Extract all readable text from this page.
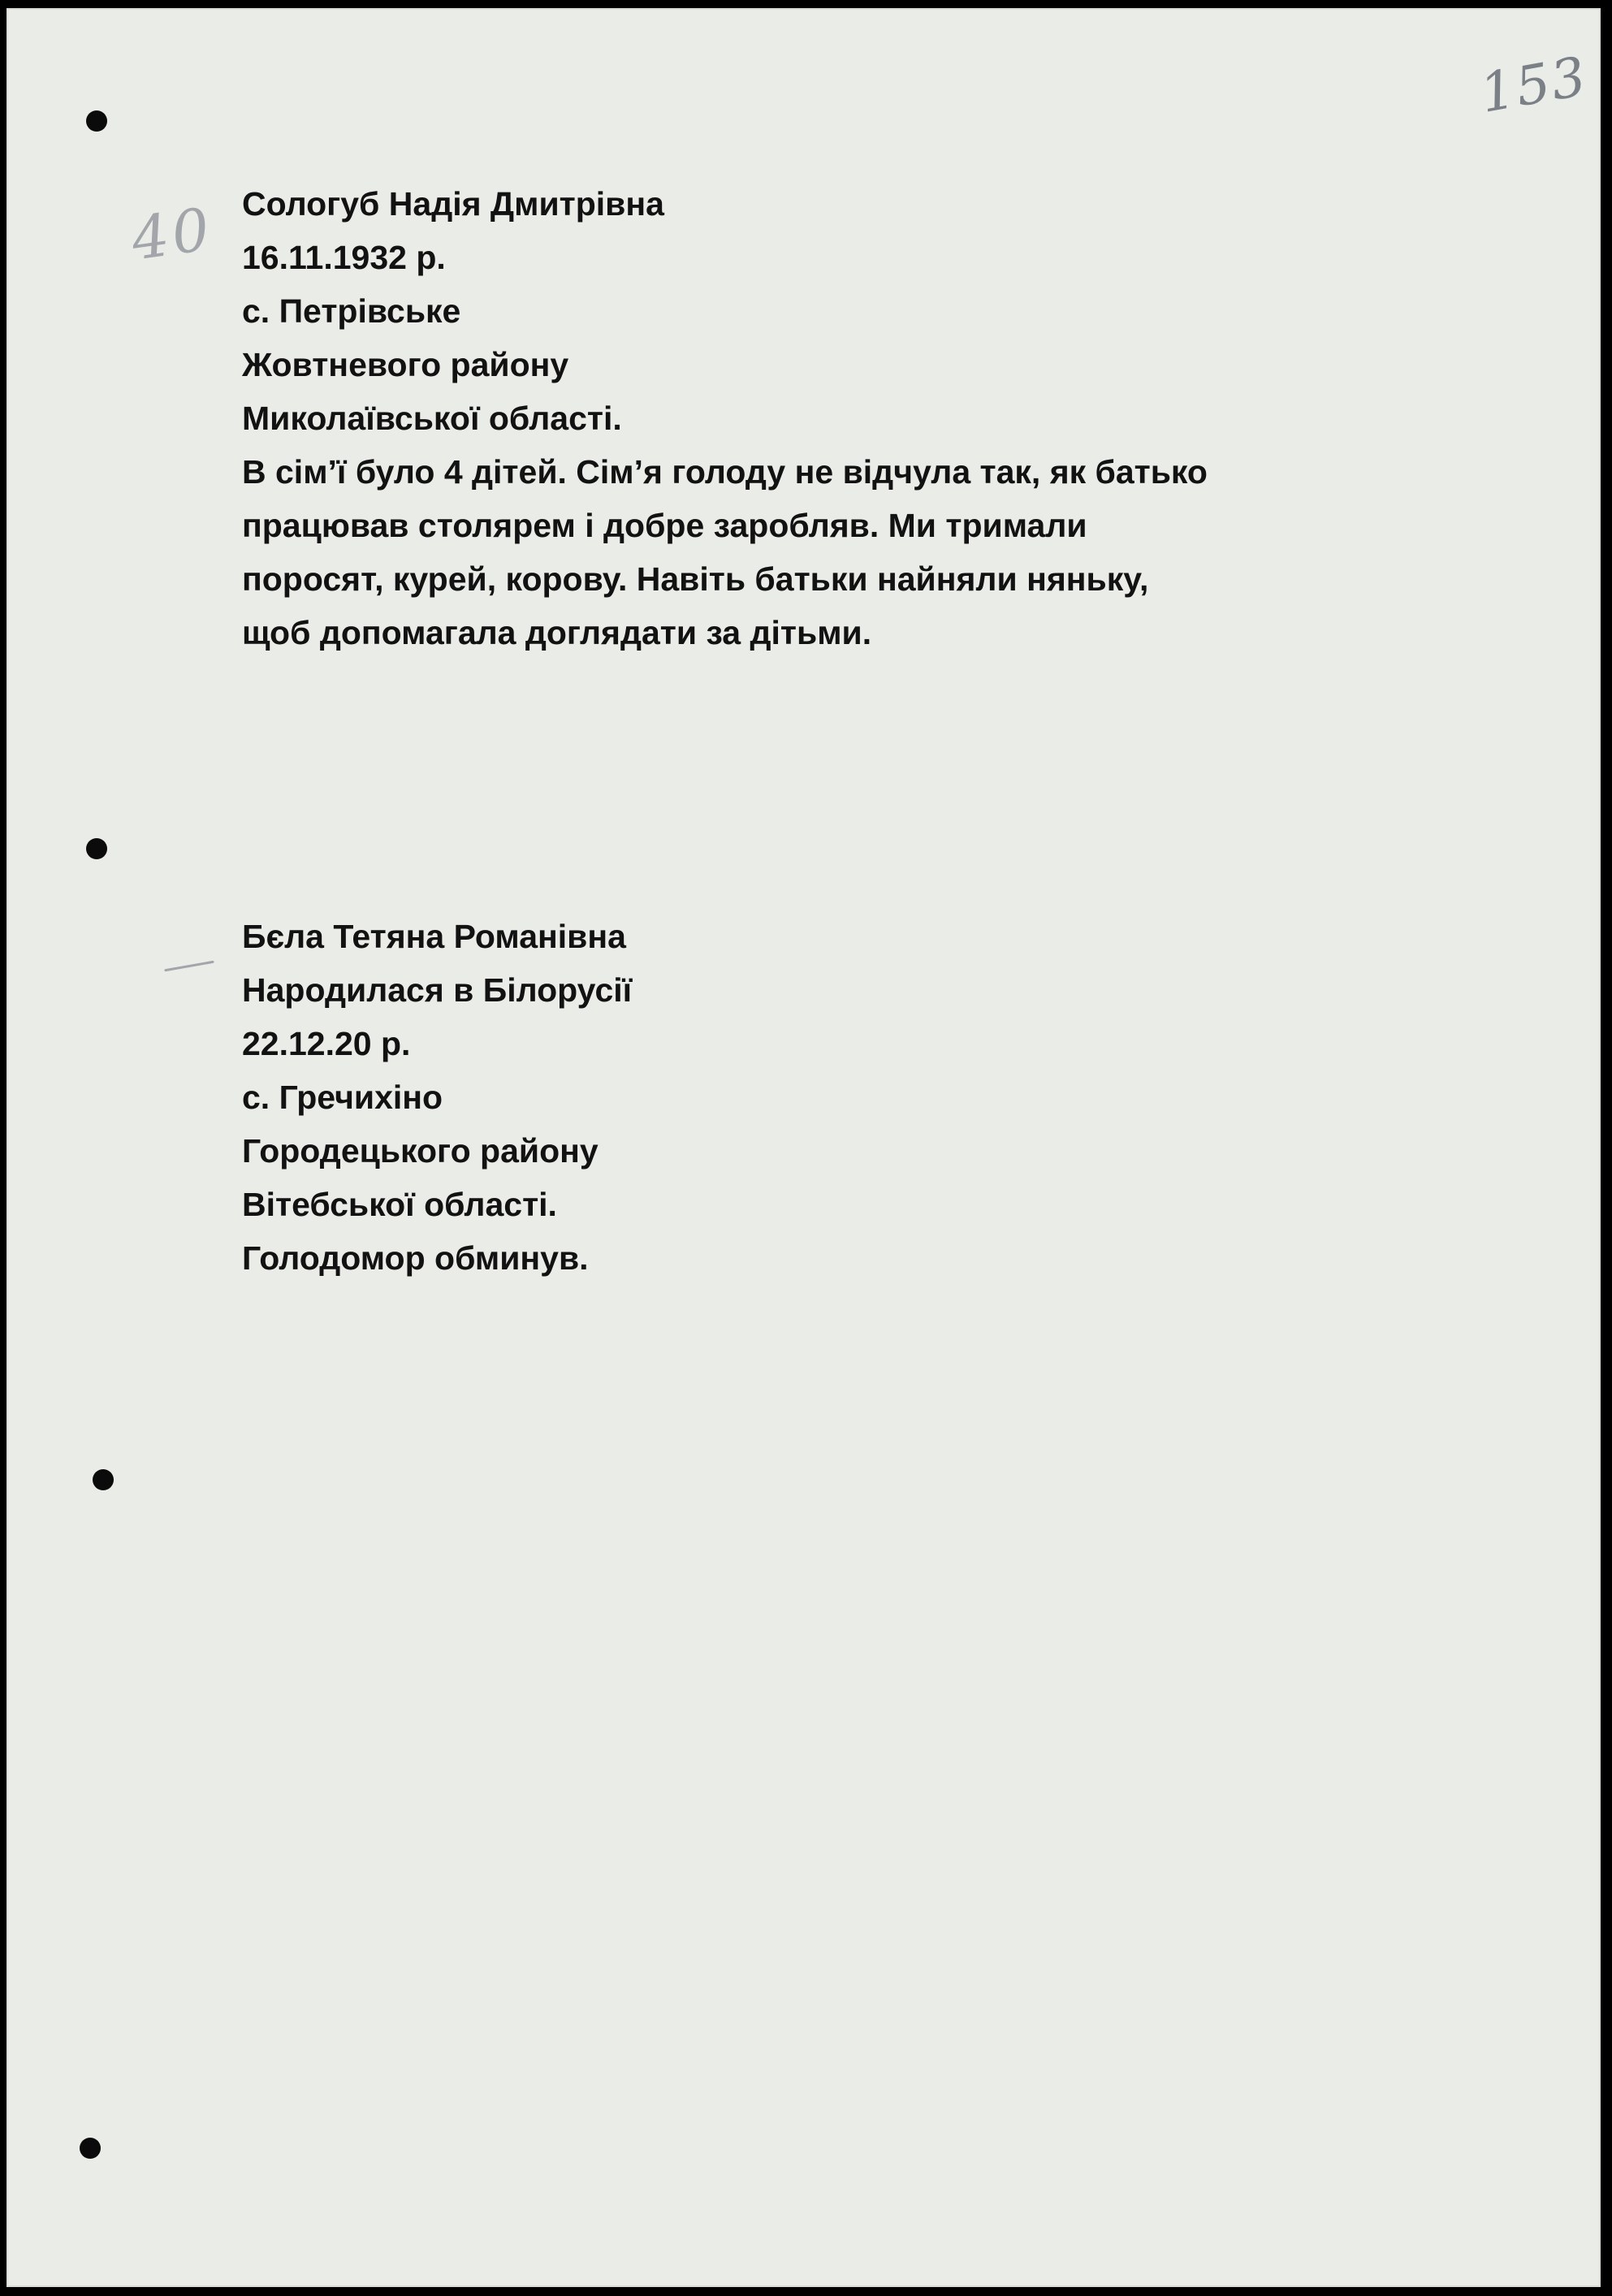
153
40 Сологуб Надія Дмитрівна
16.11.1932 р.
с. Петрівське
Жовтневого району
Миколаївської області.
В сім’ї було 4 дітей. Сім’я голоду не відчула так, як батько
працював столярем і добре заробляв. Ми тримали
поросят, курей, корову. Навіть батьки найняли няньку,
щоб допомагала доглядати за дітьми.
Бєла Тетяна Романівна
Народилася в Білорусії
22.12.20 р.
с. Гречихіно
Городецького району
Вітебської області.
Голодомор обминув.
